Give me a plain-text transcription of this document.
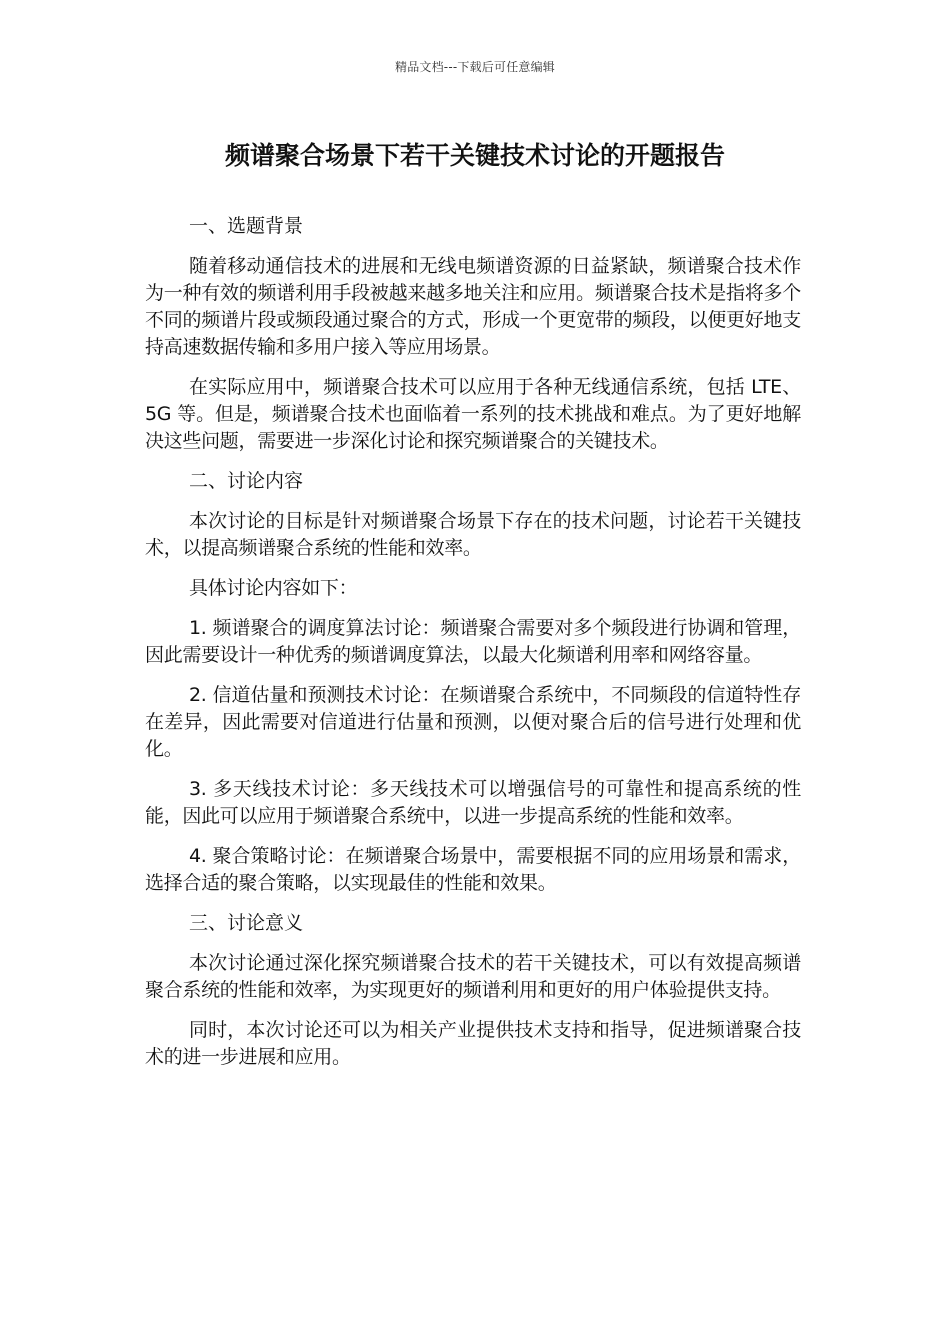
精品文档---下载后可任意编辑
频谱聚合场景下若干关键技术讨论的开题报告
一、选题背景

随着移动通信技术的进展和无线电频谱资源的日益紧缺，频谱聚合技术作为一种有效的频谱利用手段被越来越多地关注和应用。频谱聚合技术是指将多个不同的频谱片段或频段通过聚合的方式，形成一个更宽带的频段，以便更好地支持高速数据传输和多用户接入等应用场景。

在实际应用中，频谱聚合技术可以应用于各种无线通信系统，包括 LTE、5G 等。但是，频谱聚合技术也面临着一系列的技术挑战和难点。为了更好地解决这些问题，需要进一步深化讨论和探究频谱聚合的关键技术。

二、讨论内容

本次讨论的目标是针对频谱聚合场景下存在的技术问题，讨论若干关键技术，以提高频谱聚合系统的性能和效率。

具体讨论内容如下：

1. 频谱聚合的调度算法讨论：频谱聚合需要对多个频段进行协调和管理，因此需要设计一种优秀的频谱调度算法，以最大化频谱利用率和网络容量。

2. 信道估量和预测技术讨论：在频谱聚合系统中，不同频段的信道特性存在差异，因此需要对信道进行估量和预测，以便对聚合后的信号进行处理和优化。

3. 多天线技术讨论：多天线技术可以增强信号的可靠性和提高系统的性能，因此可以应用于频谱聚合系统中，以进一步提高系统的性能和效率。

4. 聚合策略讨论：在频谱聚合场景中，需要根据不同的应用场景和需求，选择合适的聚合策略，以实现最佳的性能和效果。

三、讨论意义

本次讨论通过深化探究频谱聚合技术的若干关键技术，可以有效提高频谱聚合系统的性能和效率，为实现更好的频谱利用和更好的用户体验提供支持。

同时，本次讨论还可以为相关产业提供技术支持和指导，促进频谱聚合技术的进一步进展和应用。
